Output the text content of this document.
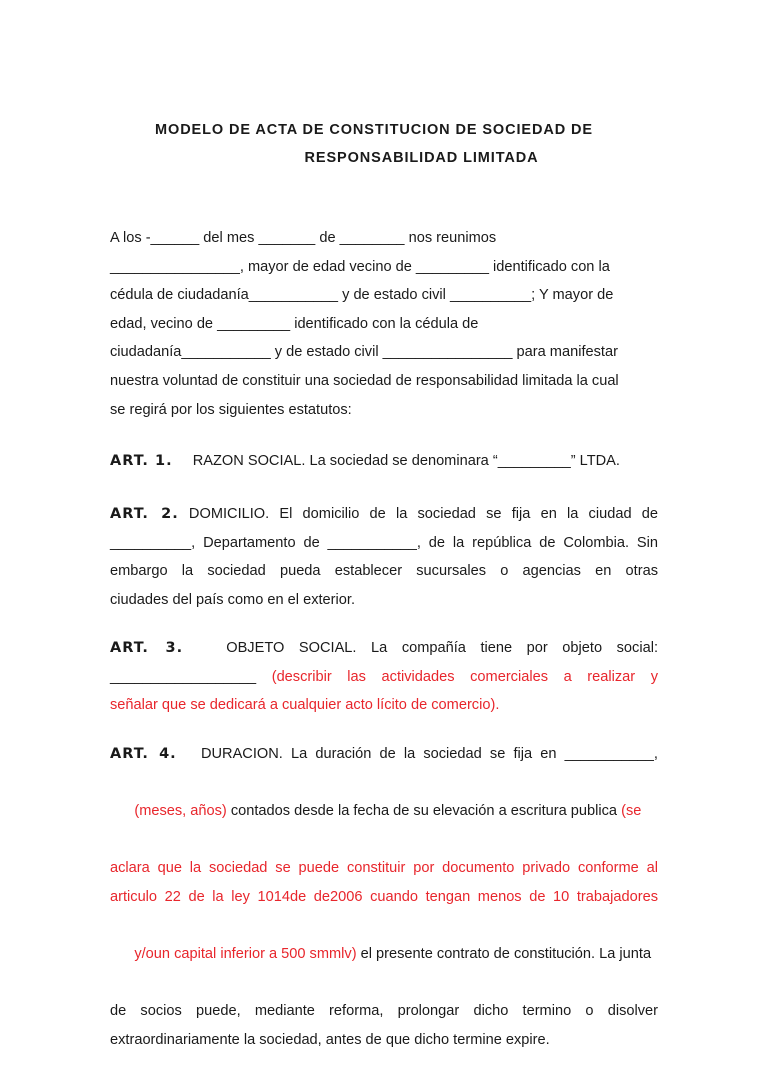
MODELO DE ACTA DE CONSTITUCION DE SOCIEDAD DE
RESPONSABILIDAD LIMITADA
A los -______ del mes _______ de ________ nos reunimos
________________, mayor de edad vecino de _________ identificado con la
cédula de ciudadanía___________ y de estado civil __________; Y mayor de
edad, vecino de _________ identificado con la cédula de
ciudadanía___________ y de estado civil ________________ para manifestar
nuestra voluntad de constituir una sociedad de responsabilidad limitada la cual
se regirá por los siguientes estatutos:
ART. 1. RAZON SOCIAL. La sociedad se denominara “_________” LTDA.
ART. 2. DOMICILIO. El domicilio de la sociedad se fija en la ciudad de
__________, Departamento de ___________, de la república de Colombia. Sin
embargo la sociedad pueda establecer sucursales o agencias en otras
ciudades del país como en el exterior.
ART. 3.	OBJETO SOCIAL. La compañía tiene por objeto social:
__________________ (describir las actividades comerciales a realizar y
señalar que se dedicará a cualquier acto lícito de comercio).
ART. 4. DURACION. La duración de la sociedad se fija en ___________,

(meses, años) contados desde la fecha de su elevación a escritura publica (se

aclara que la sociedad se puede constituir por documento privado conforme al
articulo 22 de la ley 1014de de2006 cuando tengan menos de 10 trabajadores

y/oun capital inferior a 500 smmlv) el presente contrato de constitución. La junta

de socios puede, mediante reforma, prolongar dicho termino o disolver
extraordinariamente la sociedad, antes de que dicho termine expire.
